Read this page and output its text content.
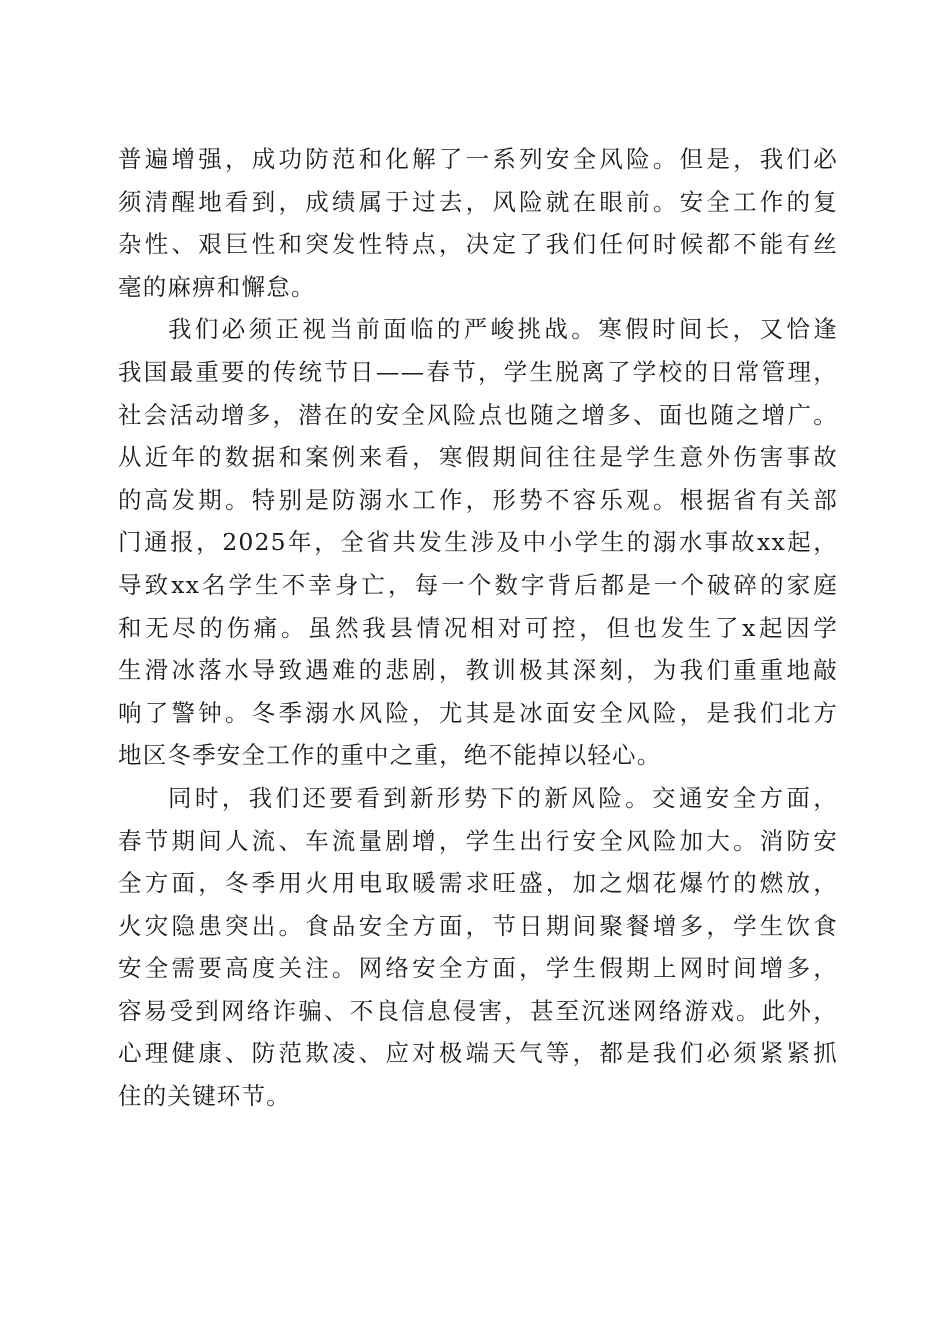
普遍增强，成功防范和化解了一系列安全风险。但是，我们必
须清醒地看到，成绩属于过去，风险就在眼前。安全工作的复
杂性、艰巨性和突发性特点，决定了我们任何时候都不能有丝
毫的麻痹和懈怠。
我们必须正视当前面临的严峻挑战。寒假时间长，又恰逢
我国最重要的传统节日——春节，学生脱离了学校的日常管理，
社会活动增多，潜在的安全风险点也随之增多、面也随之增广。
从近年的数据和案例来看，寒假期间往往是学生意外伤害事故
的高发期。特别是防溺水工作，形势不容乐观。根据省有关部
门通报，2025年，全省共发生涉及中小学生的溺水事故xx起，
导致xx名学生不幸身亡，每一个数字背后都是一个破碎的家庭
和无尽的伤痛。虽然我县情况相对可控，但也发生了x起因学
生滑冰落水导致遇难的悲剧，教训极其深刻，为我们重重地敲
响了警钟。冬季溺水风险，尤其是冰面安全风险，是我们北方
地区冬季安全工作的重中之重，绝不能掉以轻心。
同时，我们还要看到新形势下的新风险。交通安全方面，
春节期间人流、车流量剧增，学生出行安全风险加大。消防安
全方面，冬季用火用电取暖需求旺盛，加之烟花爆竹的燃放，
火灾隐患突出。食品安全方面，节日期间聚餐增多，学生饮食
安全需要高度关注。网络安全方面，学生假期上网时间增多，
容易受到网络诈骗、不良信息侵害，甚至沉迷网络游戏。此外，
心理健康、防范欺凌、应对极端天气等，都是我们必须紧紧抓
住的关键环节。
